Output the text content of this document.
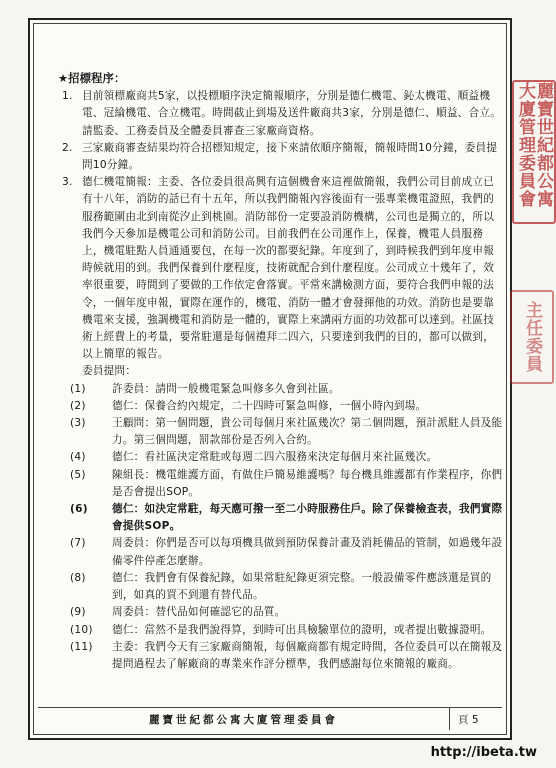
★招標程序：
1. 目前領標廠商共5家，以投標順序決定簡報順序，分別是德仁機電、鈊太機電、順益機電、冠綸機電、合立機電。時間截止到場及送件廠商共3家，分別是德仁、順益、合立。請監委、工務委員及全體委員審查三家廠商資格。
2. 三家廠商審查結果均符合招標知規定，接下來請依順序簡報，簡報時間10分鐘，委員提問10分鐘。
3. 德仁機電簡報：主委、各位委員很高興有這個機會來這裡做簡報，我們公司目前成立已有十八年，消防的話已有十五年，所以我們簡報內容後面有一張專業機電證照，我們的服務範圍由北到南從汐止到桃園。消防部份一定要設消防機構，公司也是獨立的，所以我們今天參加是機電公司和消防公司。目前我們在公司運作上，保養，機電人員服務上，機電駐點人員通通要包，在每一次的都要紀錄。年度到了，到時候我們到年度申報時候就用的到。我們保養到什麼程度，技術就配合到什麼程度。公司成立十幾年了，效率很重要，時間到了要做的工作依定會落實。平常來講檢測方面，要符合我們申報的法令，一個年度申報，實際在運作的，機電、消防一體才會發揮他的功效。消防也是要靠機電來支援，強調機電和消防是一體的，實際上來講兩方面的功效都可以達到。社區技術上經費上的考量，要常駐還是每個禮拜二四六，只要達到我們的目的，都可以做到，以上簡單的報告。
委員提問：
(1)	許委員：請問一般機電緊急叫修多久會到社區。
(2)	德仁：保養合約內規定，二十四時可緊急叫修，一個小時內到場。
(3)	王顧問：第一個問題，貴公司每個月來社區幾次？第二個問題，預計派駐人員及能力。第三個問題，罰款部份是否列入合約。
(4)	德仁：看社區決定常駐或每週二四六服務來決定每個月來社區幾次。
(5)	陳組長：機電維護方面，有做住戶簡易維護嗎？每台機具維護都有作業程序，你們是否會提出SOP。
(6)	德仁：如決定常駐，每天應可撥一至二小時服務住戶。除了保養檢查表，我們實際會提供SOP。
(7)	周委員：你們是否可以每項機具做到預防保養計畫及消耗備品的管制，如過幾年設備零件停產怎麼辦。
(8)	德仁：我們會有保養紀錄，如果常駐紀錄更須完整。一般設備零件應該還是買的到，如真的買不到還有替代品。
(9)	周委員：替代品如何確認它的品質。
(10)	德仁：當然不是我們說得算，到時可出具檢驗單位的證明，或者提出數據證明。
(11)	主委：我們今天有三家廠商簡報，每個廠商都有規定時間，各位委員可以在簡報及提問過程去了解廠商的專業來作評分標準，我們感謝每位來簡報的廠商。
麗寶世紀都公寓大廈管理委員會	頁 5
麗寶世紀都公寓大廈管理委員會
主任委員
http://ibeta.tw
